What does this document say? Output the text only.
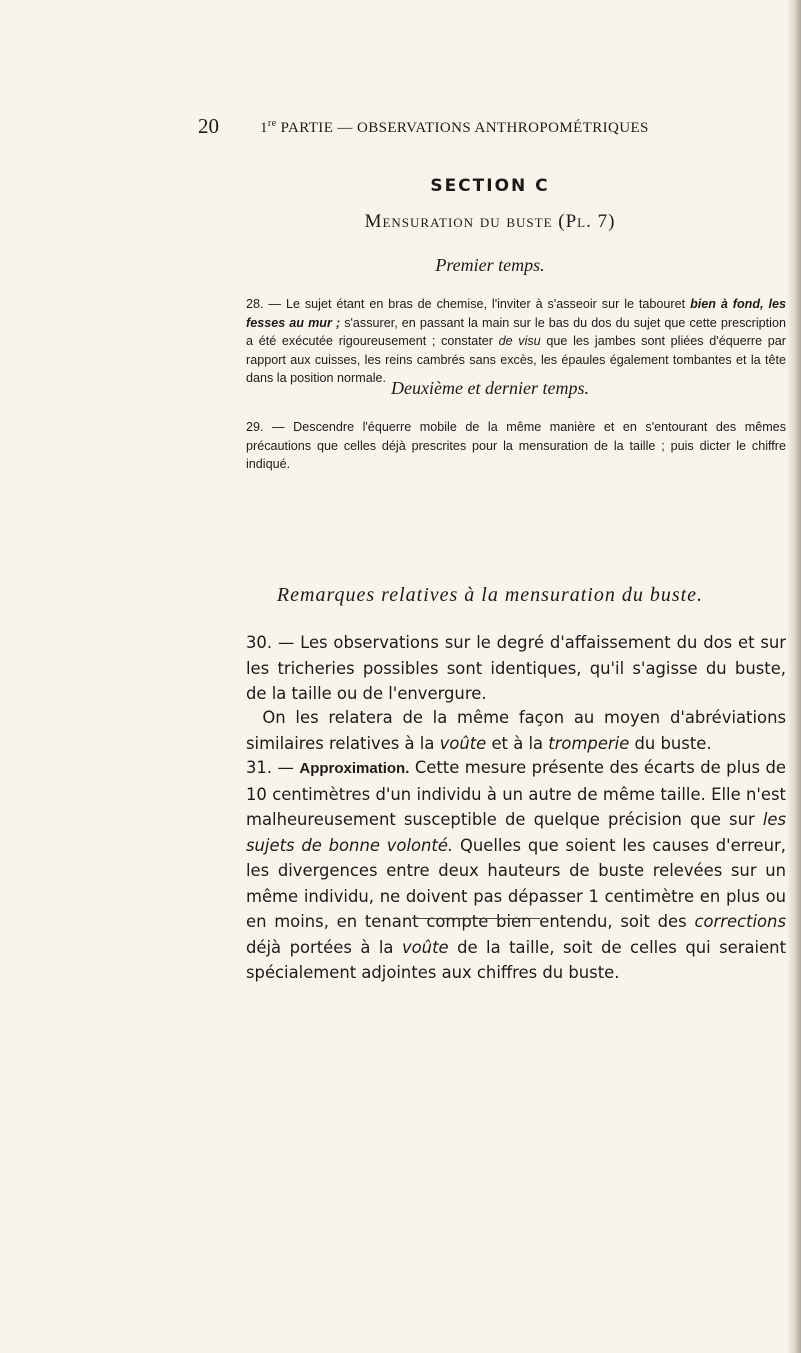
20	1re PARTIE — OBSERVATIONS ANTHROPOMÉTRIQUES
SECTION C
Mensuration du buste (Pl. 7)
Premier temps.
28. — Le sujet étant en bras de chemise, l'inviter à s'asseoir sur le tabouret bien à fond, les fesses au mur ; s'assurer, en passant la main sur le bas du dos du sujet que cette prescription a été exécutée rigoureusement ; constater de visu que les jambes sont pliées d'équerre par rapport aux cuisses, les reins cambrés sans excès, les épaules également tombantes et la tête dans la position normale. Deuxième et dernier temps.
29. — Descendre l'équerre mobile de la même manière et en s'entourant des mêmes précautions que celles déjà prescrites pour la mensuration de la taille ; puis dicter le chiffre indiqué.
Remarques relatives à la mensuration du buste.
30. — Les observations sur le degré d'affaissement du dos et sur les tricheries possibles sont identiques, qu'il s'agisse du buste, de la taille ou de l'envergure.
 On les relatera de la même façon au moyen d'abréviations similaires relatives à la voûte et à la tromperie du buste.
31. — Approximation. Cette mesure présente des écarts de plus de 10 centimètres d'un individu à un autre de même taille. Elle n'est malheureusement susceptible de quelque précision que sur les sujets de bonne volonté. Quelles que soient les causes d'erreur, les divergences entre deux hauteurs de buste relevées sur un même individu, ne doivent pas dépasser 1 centimètre en plus ou en moins, en tenant compte bien entendu, soit des corrections déjà portées à la voûte de la taille, soit de celles qui seraient spécialement adjointes aux chiffres du buste.
